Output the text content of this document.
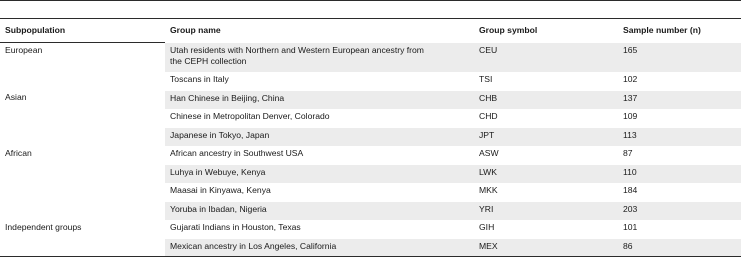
Subpopulation	Group name	Group symbol	Sample number (n)
European	Utah residents with Northern and Western European ancestry from the CEPH collection	CEU	165
	Toscans in Italy	TSI	102
Asian	Han Chinese in Beijing, China	CHB	137
	Chinese in Metropolitan Denver, Colorado	CHD	109
	Japanese in Tokyo, Japan	JPT	113
African	African ancestry in Southwest USA	ASW	87
	Luhya in Webuye, Kenya	LWK	110
	Maasai in Kinyawa, Kenya	MKK	184
	Yoruba in Ibadan, Nigeria	YRI	203
Independent groups	Gujarati Indians in Houston, Texas	GIH	101
	Mexican ancestry in Los Angeles, California	MEX	86
